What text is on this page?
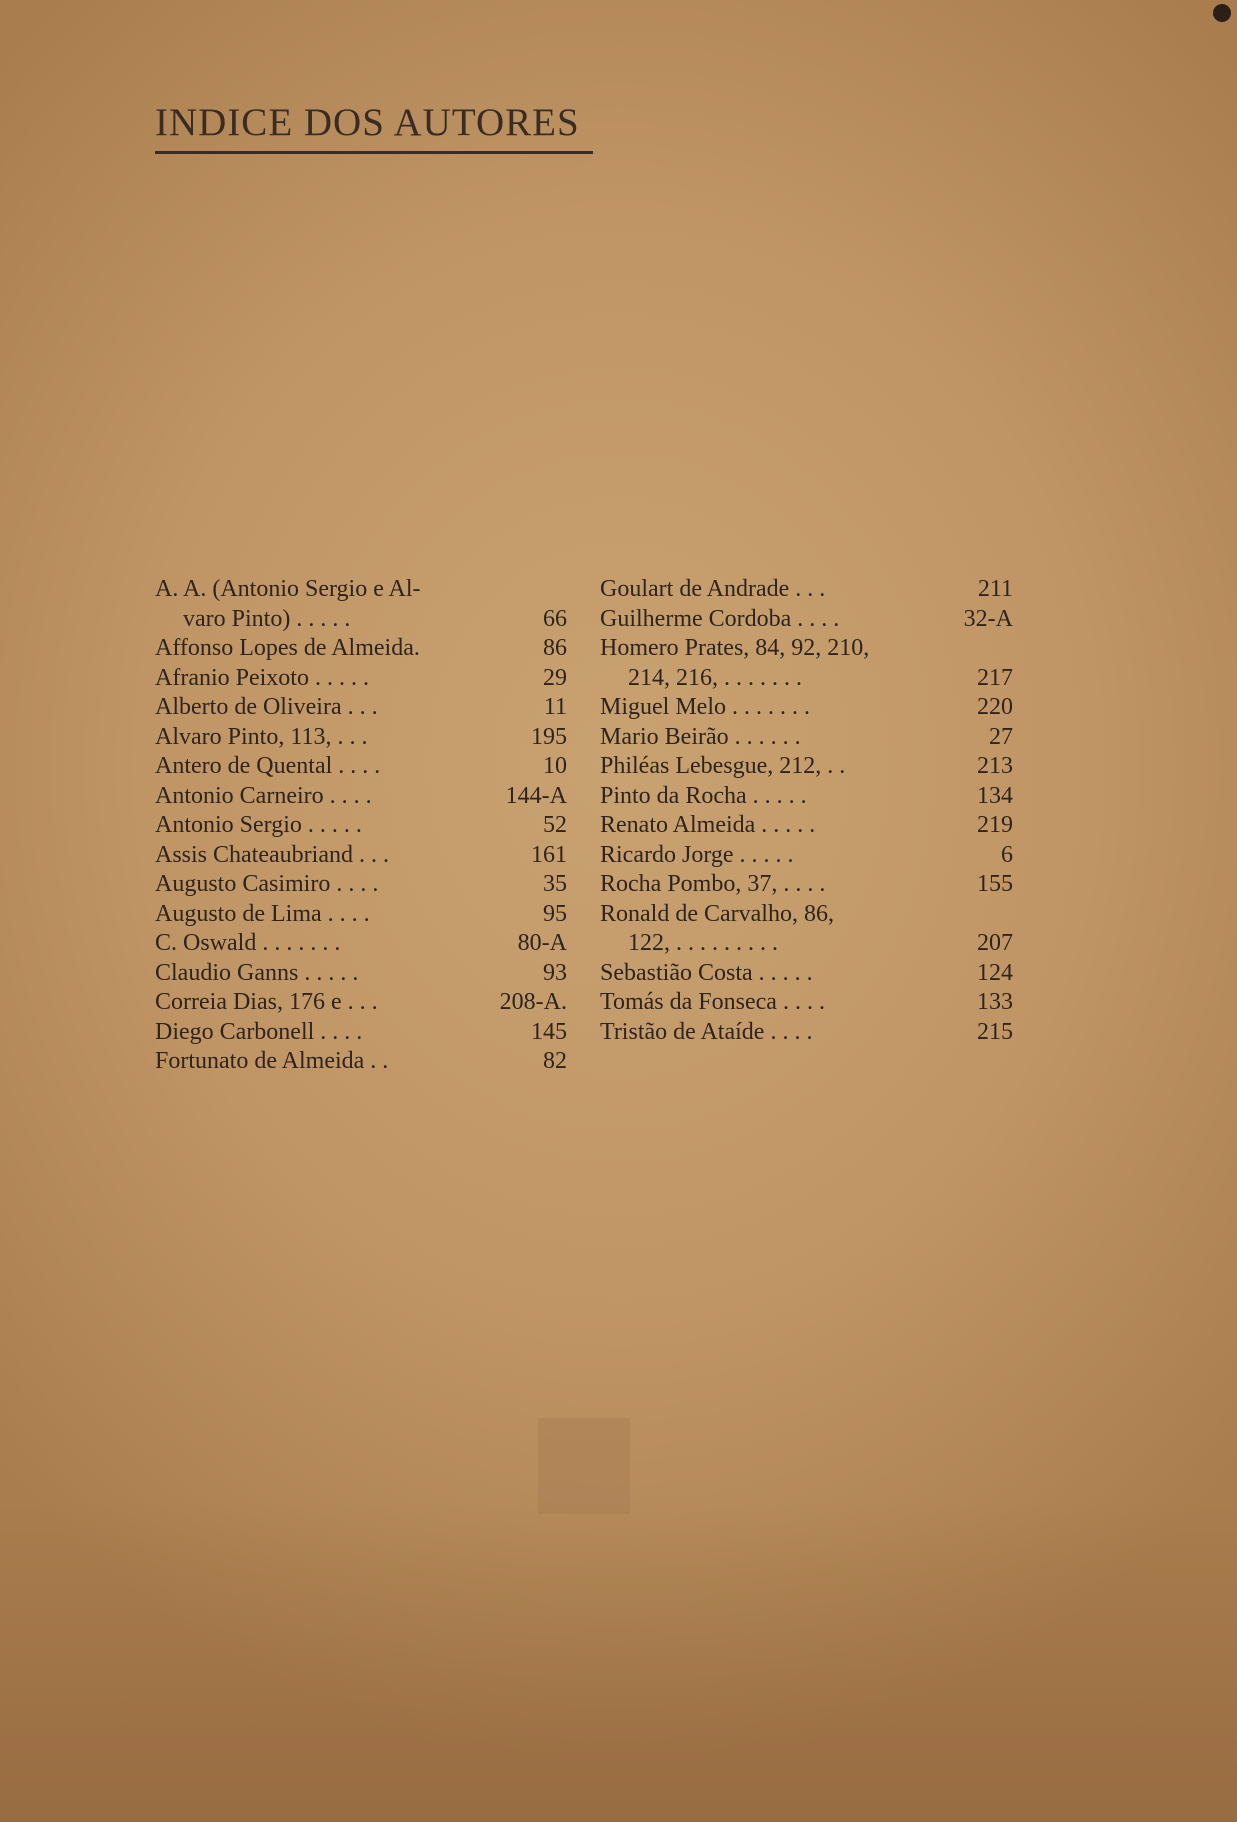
INDICE DOS AUTORES
A. A. (Antonio Sergio e Al-
varo Pinto) . . . . .	66
Affonso Lopes de Almeida.	86
Afranio Peixoto . . . . .	29
Alberto de Oliveira . . .	11
Alvaro Pinto, 113, . . .	195
Antero de Quental . . . .	10
Antonio Carneiro . . . .	144-A
Antonio Sergio . . . . .	52
Assis Chateaubriand . . .	161
Augusto Casimiro . . . .	35
Augusto de Lima . . . .	95
C. Oswald . . . . . . .	80-A
Claudio Ganns . . . . .	93
Correia Dias, 176 e . . .	208-A.
Diego Carbonell . . . .	145
Fortunato de Almeida . .	82
Goulart de Andrade . . .	211
Guilherme Cordoba . . . .	32-A
Homero Prates, 84, 92, 210,
214, 216, . . . . . . .	217
Miguel Melo . . . . . . .	220
Mario Beirão . . . . . .	27
Philéas Lebesgue, 212, . .	213
Pinto da Rocha . . . . .	134
Renato Almeida . . . . .	219
Ricardo Jorge . . . . .	6
Rocha Pombo, 37, . . . .	155
Ronald de Carvalho, 86,
122, . . . . . . . . .	207
Sebastião Costa . . . . .	124
Tomás da Fonseca . . . .	133
Tristão de Ataíde . . . .	215
